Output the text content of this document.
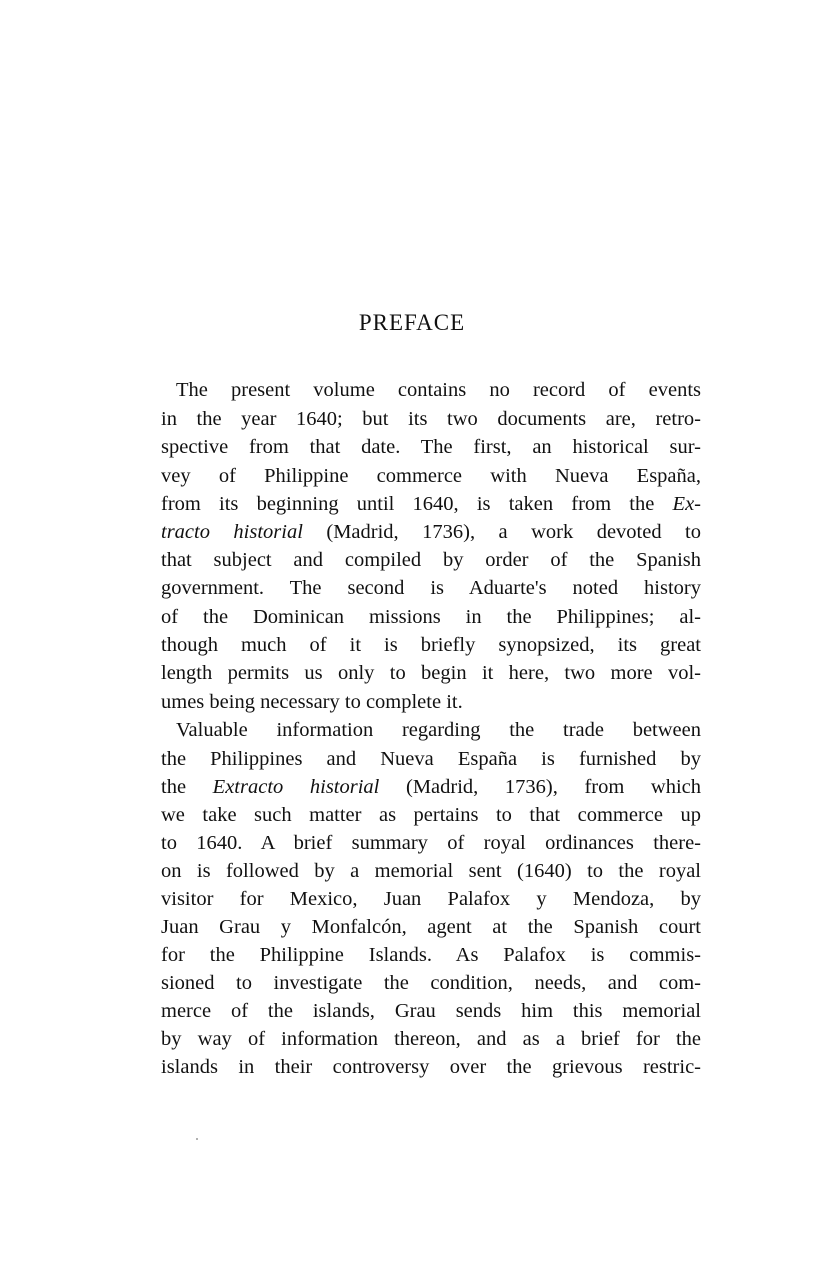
PREFACE
The present volume contains no record of events
in the year 1640; but its two documents are, retro-
spective from that date. The first, an historical sur-
vey of Philippine commerce with Nueva España,
from its beginning until 1640, is taken from the Ex-
tracto historial (Madrid, 1736), a work devoted to
that subject and compiled by order of the Spanish
government. The second is Aduarte's noted history
of the Dominican missions in the Philippines; al-
though much of it is briefly synopsized, its great
length permits us only to begin it here, two more vol-
umes being necessary to complete it.
Valuable information regarding the trade between
the Philippines and Nueva España is furnished by
the Extracto historial (Madrid, 1736), from which
we take such matter as pertains to that commerce up
to 1640. A brief summary of royal ordinances there-
on is followed by a memorial sent (1640) to the royal
visitor for Mexico, Juan Palafox y Mendoza, by
Juan Grau y Monfalcón, agent at the Spanish court
for the Philippine Islands. As Palafox is commis-
sioned to investigate the condition, needs, and com-
merce of the islands, Grau sends him this memorial
by way of information thereon, and as a brief for the
islands in their controversy over the grievous restric-
